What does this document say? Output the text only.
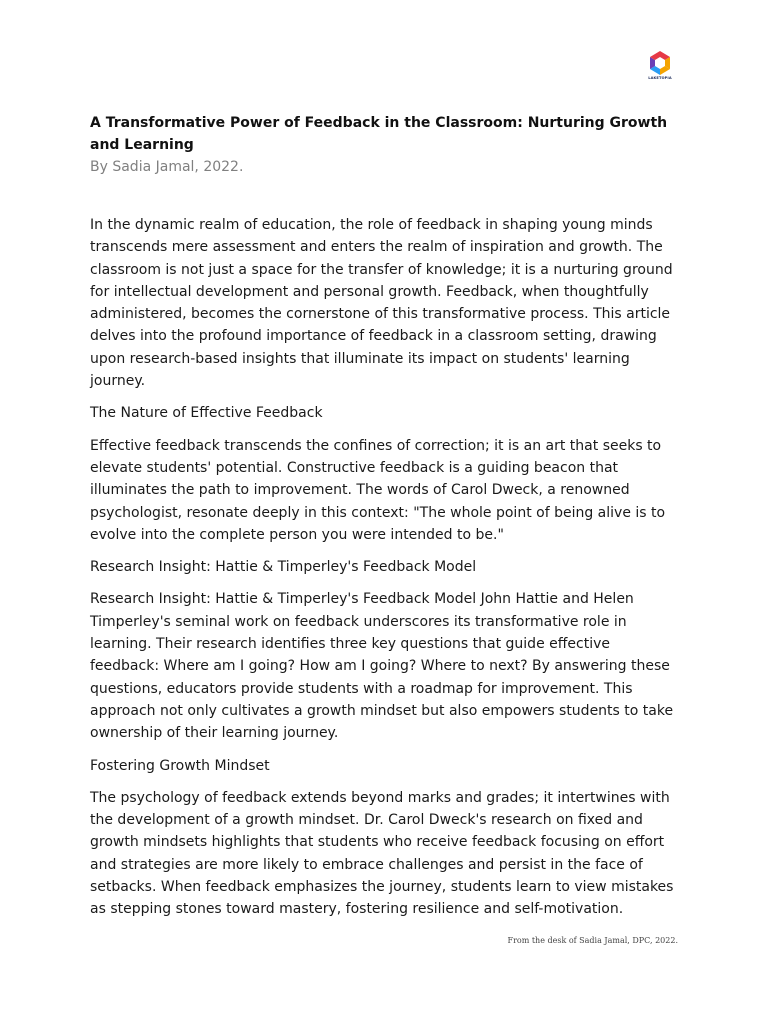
LAKETOPIA
A Transformative Power of Feedback in the Classroom: Nurturing Growth and Learning

By Sadia Jamal, 2022.

In the dynamic realm of education, the role of feedback in shaping young minds transcends mere assessment and enters the realm of inspiration and growth. The classroom is not just a space for the transfer of knowledge; it is a nurturing ground for intellectual development and personal growth. Feedback, when thoughtfully administered, becomes the cornerstone of this transformative process. This article delves into the profound importance of feedback in a classroom setting, drawing upon research-based insights that illuminate its impact on students' learning journey.

The Nature of Effective Feedback

Effective feedback transcends the confines of correction; it is an art that seeks to elevate students' potential. Constructive feedback is a guiding beacon that illuminates the path to improvement. The words of Carol Dweck, a renowned psychologist, resonate deeply in this context: "The whole point of being alive is to evolve into the complete person you were intended to be."

Research Insight: Hattie & Timperley's Feedback Model

Research Insight: Hattie & Timperley's Feedback Model John Hattie and Helen Timperley's seminal work on feedback underscores its transformative role in learning. Their research identifies three key questions that guide effective feedback: Where am I going? How am I going? Where to next? By answering these questions, educators provide students with a roadmap for improvement. This approach not only cultivates a growth mindset but also empowers students to take ownership of their learning journey.

Fostering Growth Mindset

The psychology of feedback extends beyond marks and grades; it intertwines with the development of a growth mindset. Dr. Carol Dweck's research on fixed and growth mindsets highlights that students who receive feedback focusing on effort and strategies are more likely to embrace challenges and persist in the face of setbacks. When feedback emphasizes the journey, students learn to view mistakes as stepping stones toward mastery, fostering resilience and self-motivation.

From the desk of Sadia Jamal, DPC, 2022.
